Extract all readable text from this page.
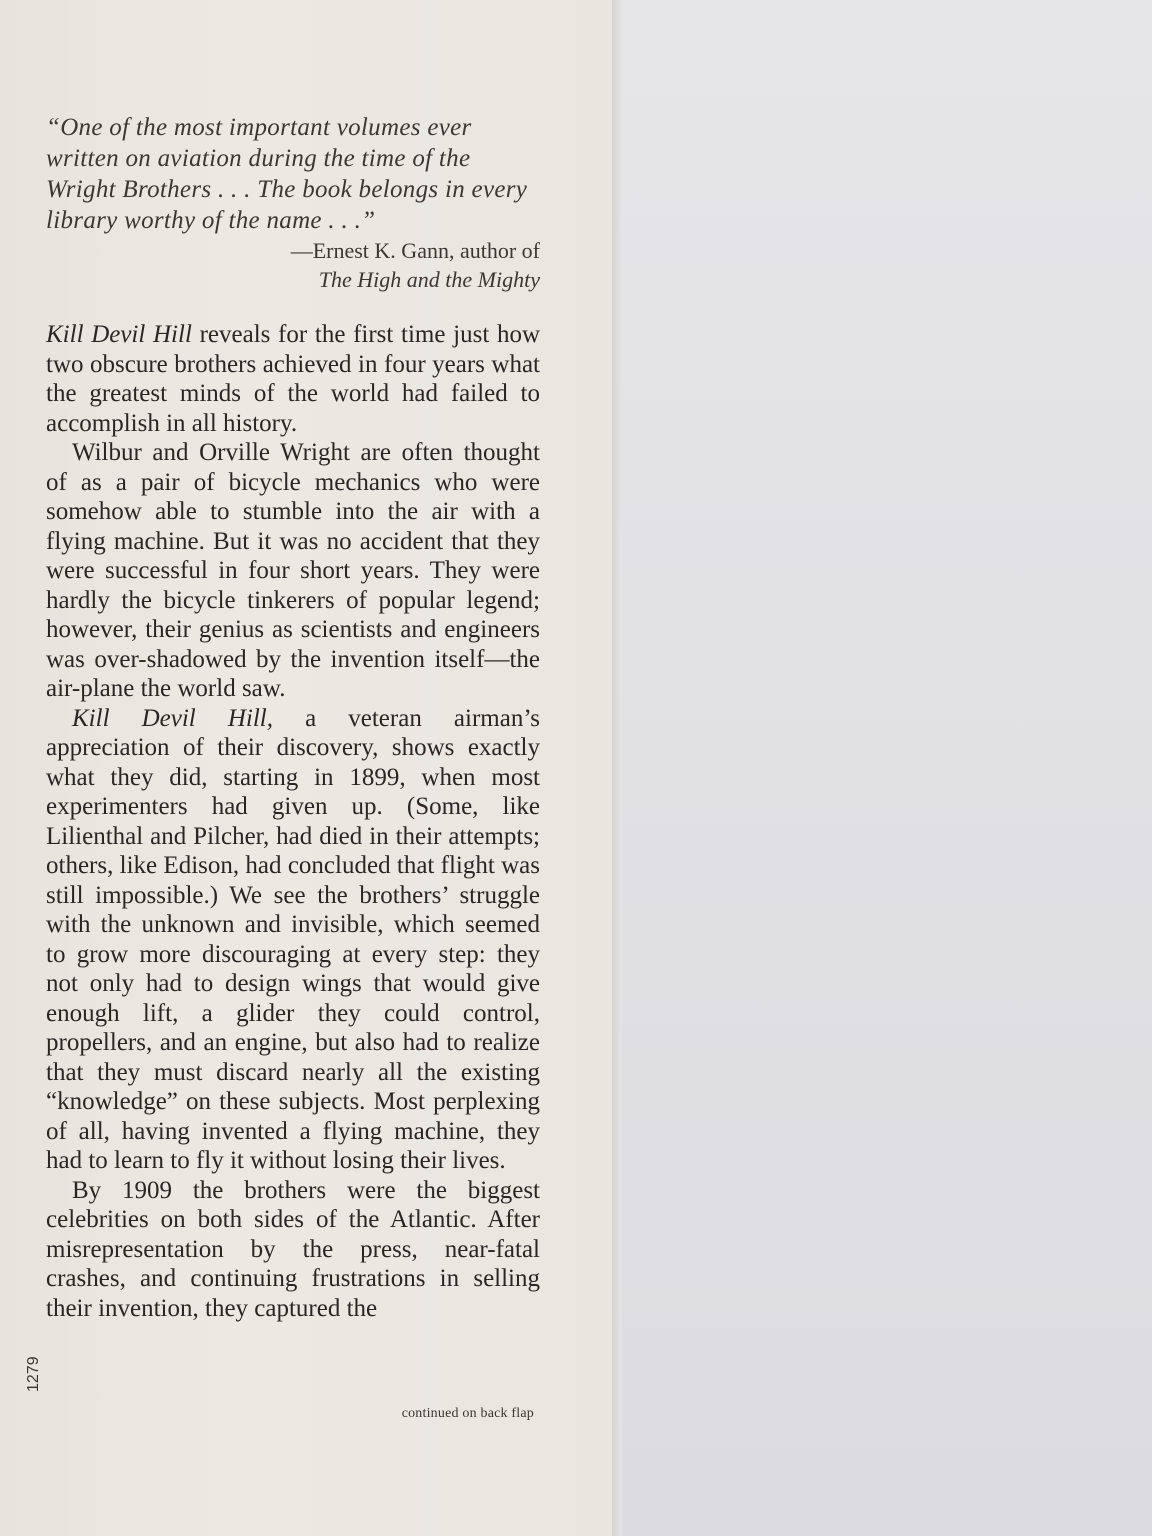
“One of the most important volumes ever written on aviation during the time of the Wright Brothers . . . The book belongs in every library worthy of the name . . .”
—Ernest K. Gann, author of
The High and the Mighty

Kill Devil Hill reveals for the first time just how two obscure brothers achieved in four years what the greatest minds of the world had failed to accomplish in all history.

Wilbur and Orville Wright are often thought of as a pair of bicycle mechanics who were somehow able to stumble into the air with a flying machine. But it was no accident that they were successful in four short years. They were hardly the bicycle tinkerers of popular legend; however, their genius as scientists and engineers was over-shadowed by the invention itself—the air-plane the world saw.

Kill Devil Hill, a veteran airman’s appreciation of their discovery, shows exactly what they did, starting in 1899, when most experimenters had given up. (Some, like Lilienthal and Pilcher, had died in their attempts; others, like Edison, had concluded that flight was still impossible.) We see the brothers’ struggle with the unknown and invisible, which seemed to grow more discouraging at every step: they not only had to design wings that would give enough lift, a glider they could control, propellers, and an engine, but also had to realize that they must discard nearly all the existing “knowledge” on these subjects. Most perplexing of all, having invented a flying machine, they had to learn to fly it without losing their lives.

By 1909 the brothers were the biggest celebrities on both sides of the Atlantic. After misrepresentation by the press, near-fatal crashes, and continuing frustrations in selling their invention, they captured the

1279
continued on back flap
